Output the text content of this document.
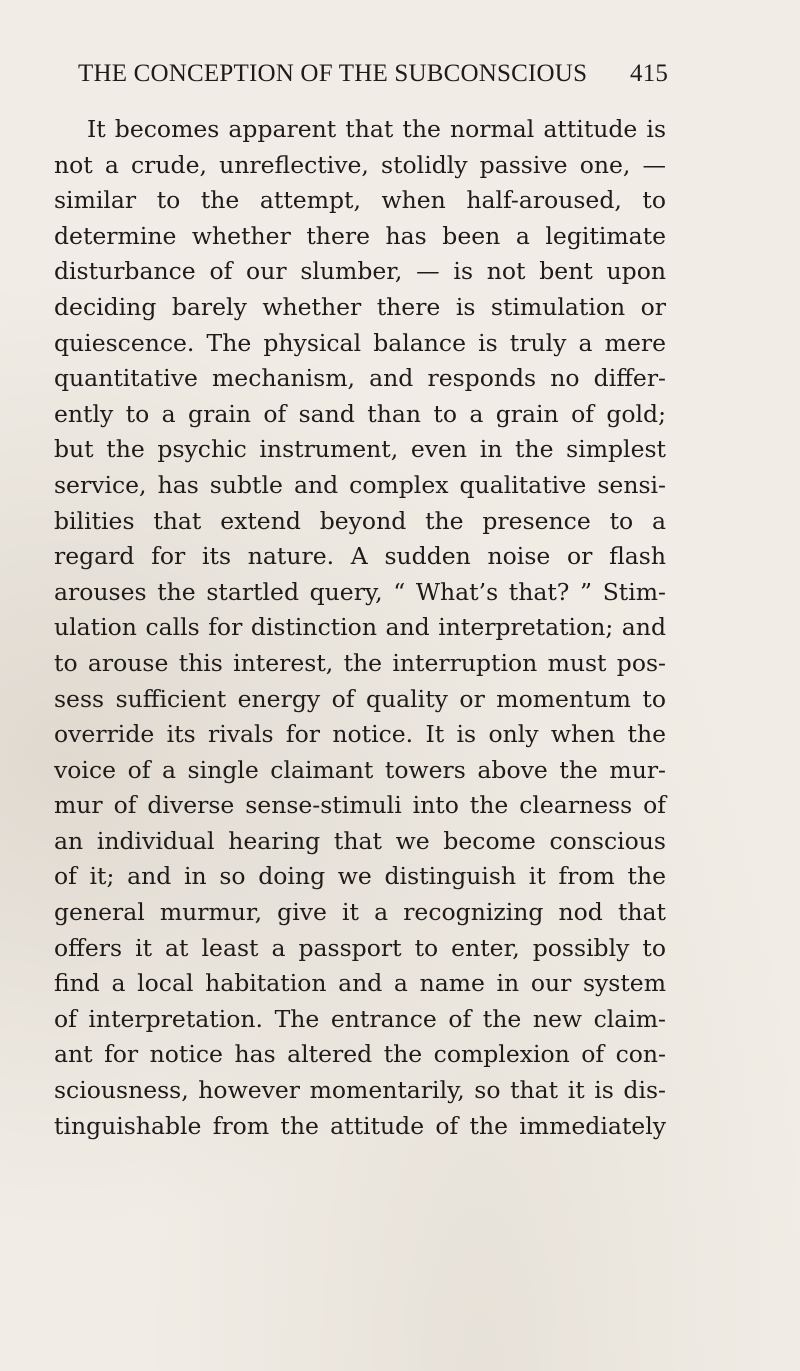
THE CONCEPTION OF THE SUBCONSCIOUS 415
It becomes apparent that the normal attitude is
not a crude, unreflective, stolidly passive one, —
similar to the attempt, when half-aroused, to
determine whether there has been a legitimate
disturbance of our slumber, — is not bent upon
deciding barely whether there is stimulation or
quiescence. The physical balance is truly a mere
quantitative mechanism, and responds no differ-
ently to a grain of sand than to a grain of gold;
but the psychic instrument, even in the simplest
service, has subtle and complex qualitative sensi-
bilities that extend beyond the presence to a
regard for its nature. A sudden noise or flash
arouses the startled query, “ What’s that? ” Stim-
ulation calls for distinction and interpretation; and
to arouse this interest, the interruption must pos-
sess sufficient energy of quality or momentum to
override its rivals for notice. It is only when the
voice of a single claimant towers above the mur-
mur of diverse sense-stimuli into the clearness of
an individual hearing that we become conscious
of it; and in so doing we distinguish it from the
general murmur, give it a recognizing nod that
offers it at least a passport to enter, possibly to
find a local habitation and a name in our system
of interpretation. The entrance of the new claim-
ant for notice has altered the complexion of con-
sciousness, however momentarily, so that it is dis-
tinguishable from the attitude of the immediately
